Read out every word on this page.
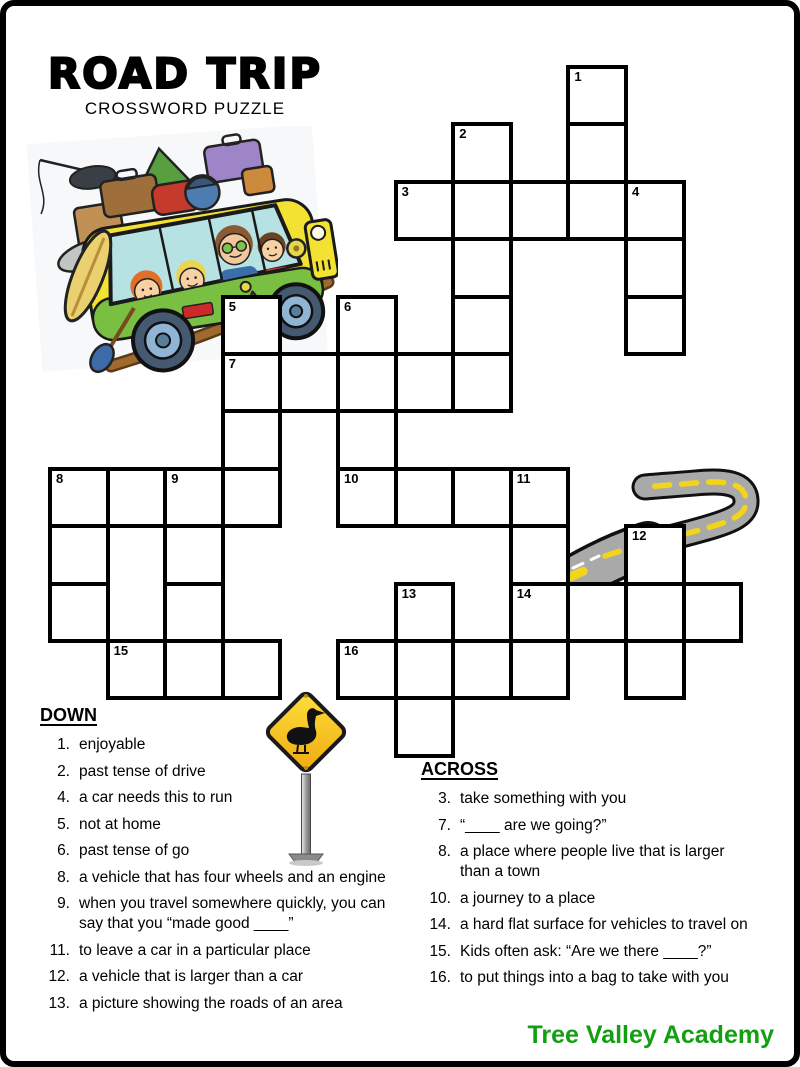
ROAD TRIP
CROSSWORD PUZZLE
1
2
3	4
5	6
7
8	9	10	11
12
13	14
15	16
DOWN
1. enjoyable
2. past tense of drive
4. a car needs this to run
5. not at home
6. past tense of go
8. a vehicle that has four wheels and an engine
9. when you travel somewhere quickly, you can
say that you “made good ____”
11. to leave a car in a particular place
12. a vehicle that is larger than a car
13. a picture showing the roads of an area
ACROSS
3. take something with you
7. “____ are we going?”
8. a place where people live that is larger
than a town
10. a journey to a place
14. a hard flat surface for vehicles to travel on
15. Kids often ask: “Are we there ____?”
16. to put things into a bag to take with you
Tree Valley Academy
